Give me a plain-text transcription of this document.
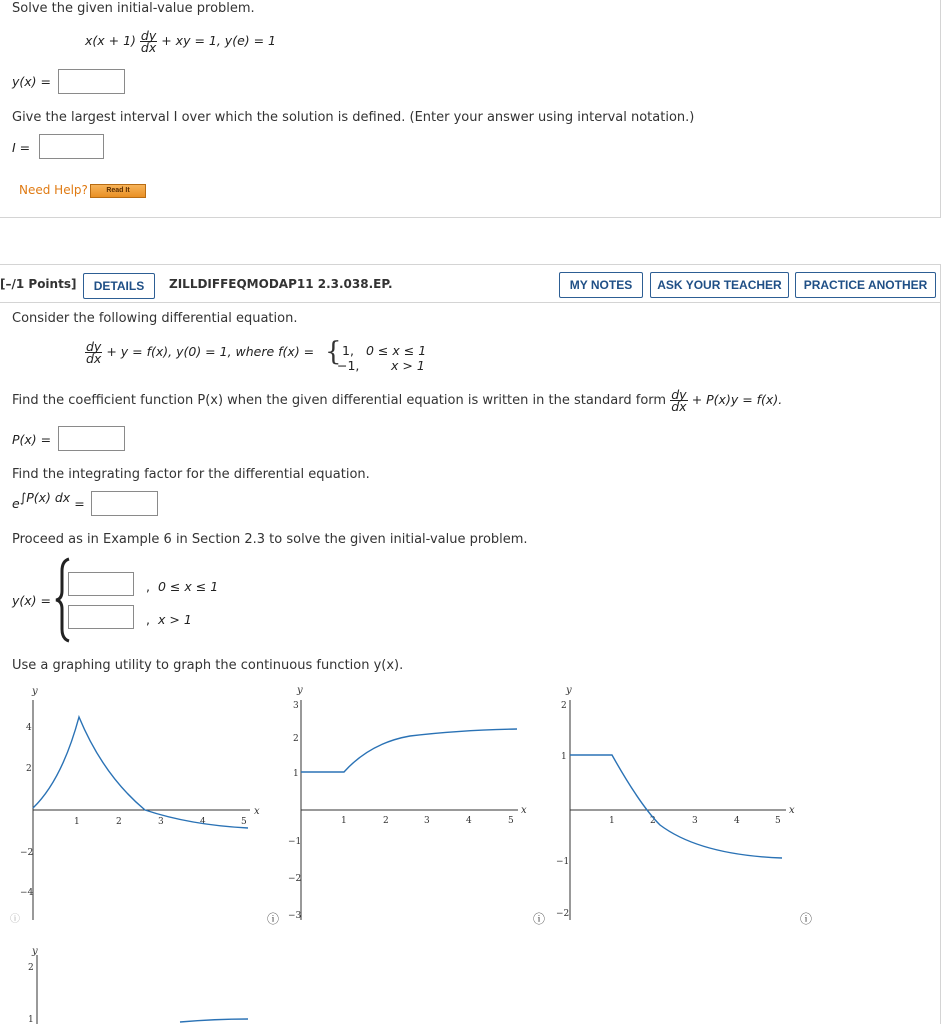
Solve the given initial-value problem.
$x(x + 1) \frac{dy}{dx}$ + xy = 1, y(e) = 1
y(x) =
Give the largest interval I over which the solution is defined. (Enter your answer using interval notation.)
I =
Need Help?	Read It
[–/1 Points]	DETAILS	ZILLDIFFEQMODAP11 2.3.038.EP.	MY NOTES	ASK YOUR TEACHER	PRACTICE ANOTHER
Consider the following differential equation.
$\frac{dy}{dx} + y = f(x)$, y(0) = 1, where f(x) = { 1, 0 ≤ x ≤ 1
−1,	x > 1
Find the coefficient function P(x) when the given differential equation is written in the standard form $\frac{dy}{dx} + P(x)y = f(x)$.
P(x) =
Find the integrating factor for the differential equation.
e∫P(x) dx =
Proceed as in Example 6 in Section 2.3 to solve the given initial-value problem.
y(x) =
, 0 ≤ x ≤ 1
, x > 1
Use a graphing utility to graph the continuous function y(x).
y
x
1	2	3	4	5
4
2
−2
−4
ⓘ
y
x
1	2	3	4	5
3
2
1
−1
−2
−3
ⓘ
y
x
1	2	3	4	5
2
1
−1
−2
ⓘ	ⓘ
y
2
1
